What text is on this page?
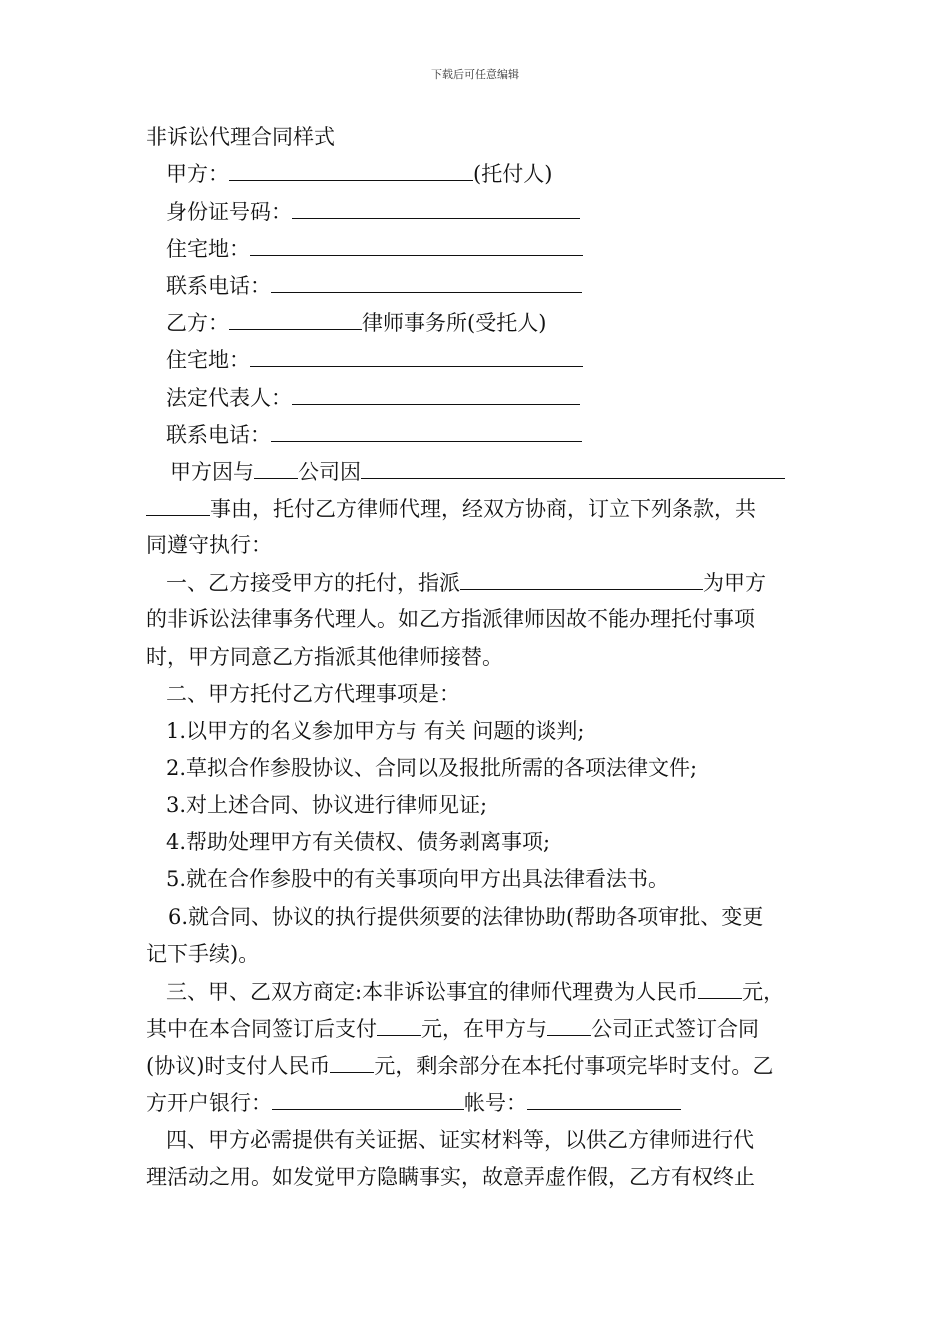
下载后可任意编辑
非诉讼代理合同样式
甲方：	(托付人)
身份证号码：
住宅地：
联系电话：
乙方：	律师事务所(受托人)
住宅地：
法定代表人：
联系电话：
甲方因与 公司因
事由，托付乙方律师代理，经双方协商，订立下列条款，共
同遵守执行：
一、乙方接受甲方的托付，指派	为甲方
的非诉讼法律事务代理人。如乙方指派律师因故不能办理托付事项
时，甲方同意乙方指派其他律师接替。
二、甲方托付乙方代理事项是：
1.以甲方的名义参加甲方与 有关 问题的谈判;
2.草拟合作参股协议、合同以及报批所需的各项法律文件;
3.对上述合同、协议进行律师见证;
4.帮助处理甲方有关债权、债务剥离事项;
5.就在合作参股中的有关事项向甲方出具法律看法书。
6.就合同、协议的执行提供须要的法律协助(帮助各项审批、变更
记下手续)。
三、甲、乙双方商定:本非诉讼事宜的律师代理费为人民币 元，
其中在本合同签订后支付 元，在甲方与 公司正式签订合同
(协议)时支付人民币 元，剩余部分在本托付事项完毕时支付。乙
方开户银行：	帐号：
四、甲方必需提供有关证据、证实材料等，以供乙方律师进行代
理活动之用。如发觉甲方隐瞒事实，故意弄虚作假，乙方有权终止
